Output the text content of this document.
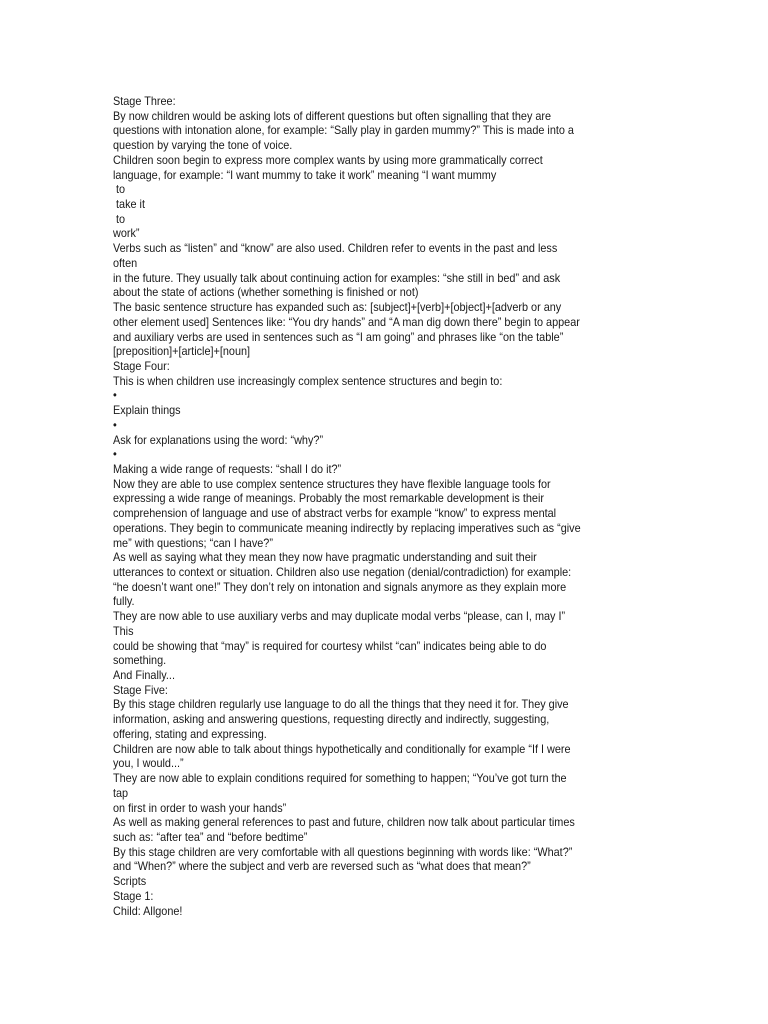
Stage Three:
By now children would be asking lots of different questions but often signalling that they are
questions with intonation alone, for example: “Sally play in garden mummy?” This is made into a
question by varying the tone of voice.
Children soon begin to express more complex wants by using more grammatically correct
language, for example: “I want mummy to take it work” meaning “I want mummy
to
take it
to
work”
Verbs such as “listen” and “know” are also used. Children refer to events in the past and less
often
in the future. They usually talk about continuing action for examples: “she still in bed” and ask
about the state of actions (whether something is finished or not)
The basic sentence structure has expanded such as: [subject]+[verb]+[object]+[adverb or any
other element used] Sentences like: “You dry hands” and “A man dig down there” begin to appear
and auxiliary verbs are used in sentences such as “I am going” and phrases like “on the table”
[preposition]+[article]+[noun]
Stage Four:
This is when children use increasingly complex sentence structures and begin to:
•
Explain things
•
Ask for explanations using the word: “why?”
•
Making a wide range of requests: “shall I do it?”
Now they are able to use complex sentence structures they have flexible language tools for
expressing a wide range of meanings. Probably the most remarkable development is their
comprehension of language and use of abstract verbs for example “know” to express mental
operations. They begin to communicate meaning indirectly by replacing imperatives such as “give
me” with questions; “can I have?”
As well as saying what they mean they now have pragmatic understanding and suit their
utterances to context or situation. Children also use negation (denial/contradiction) for example:
“he doesn’t want one!” They don’t rely on intonation and signals anymore as they explain more
fully.
They are now able to use auxiliary verbs and may duplicate modal verbs “please, can I, may I”
This
could be showing that “may” is required for courtesy whilst “can” indicates being able to do
something.
And Finally...
Stage Five:
By this stage children regularly use language to do all the things that they need it for. They give
information, asking and answering questions, requesting directly and indirectly, suggesting,
offering, stating and expressing.
Children are now able to talk about things hypothetically and conditionally for example “If I were
you, I would...”
They are now able to explain conditions required for something to happen; “You’ve got turn the
tap
on first in order to wash your hands”
As well as making general references to past and future, children now talk about particular times
such as: “after tea” and “before bedtime”
By this stage children are very comfortable with all questions beginning with words like: “What?”
and “When?” where the subject and verb are reversed such as “what does that mean?”
Scripts
Stage 1:
Child: Allgone!
